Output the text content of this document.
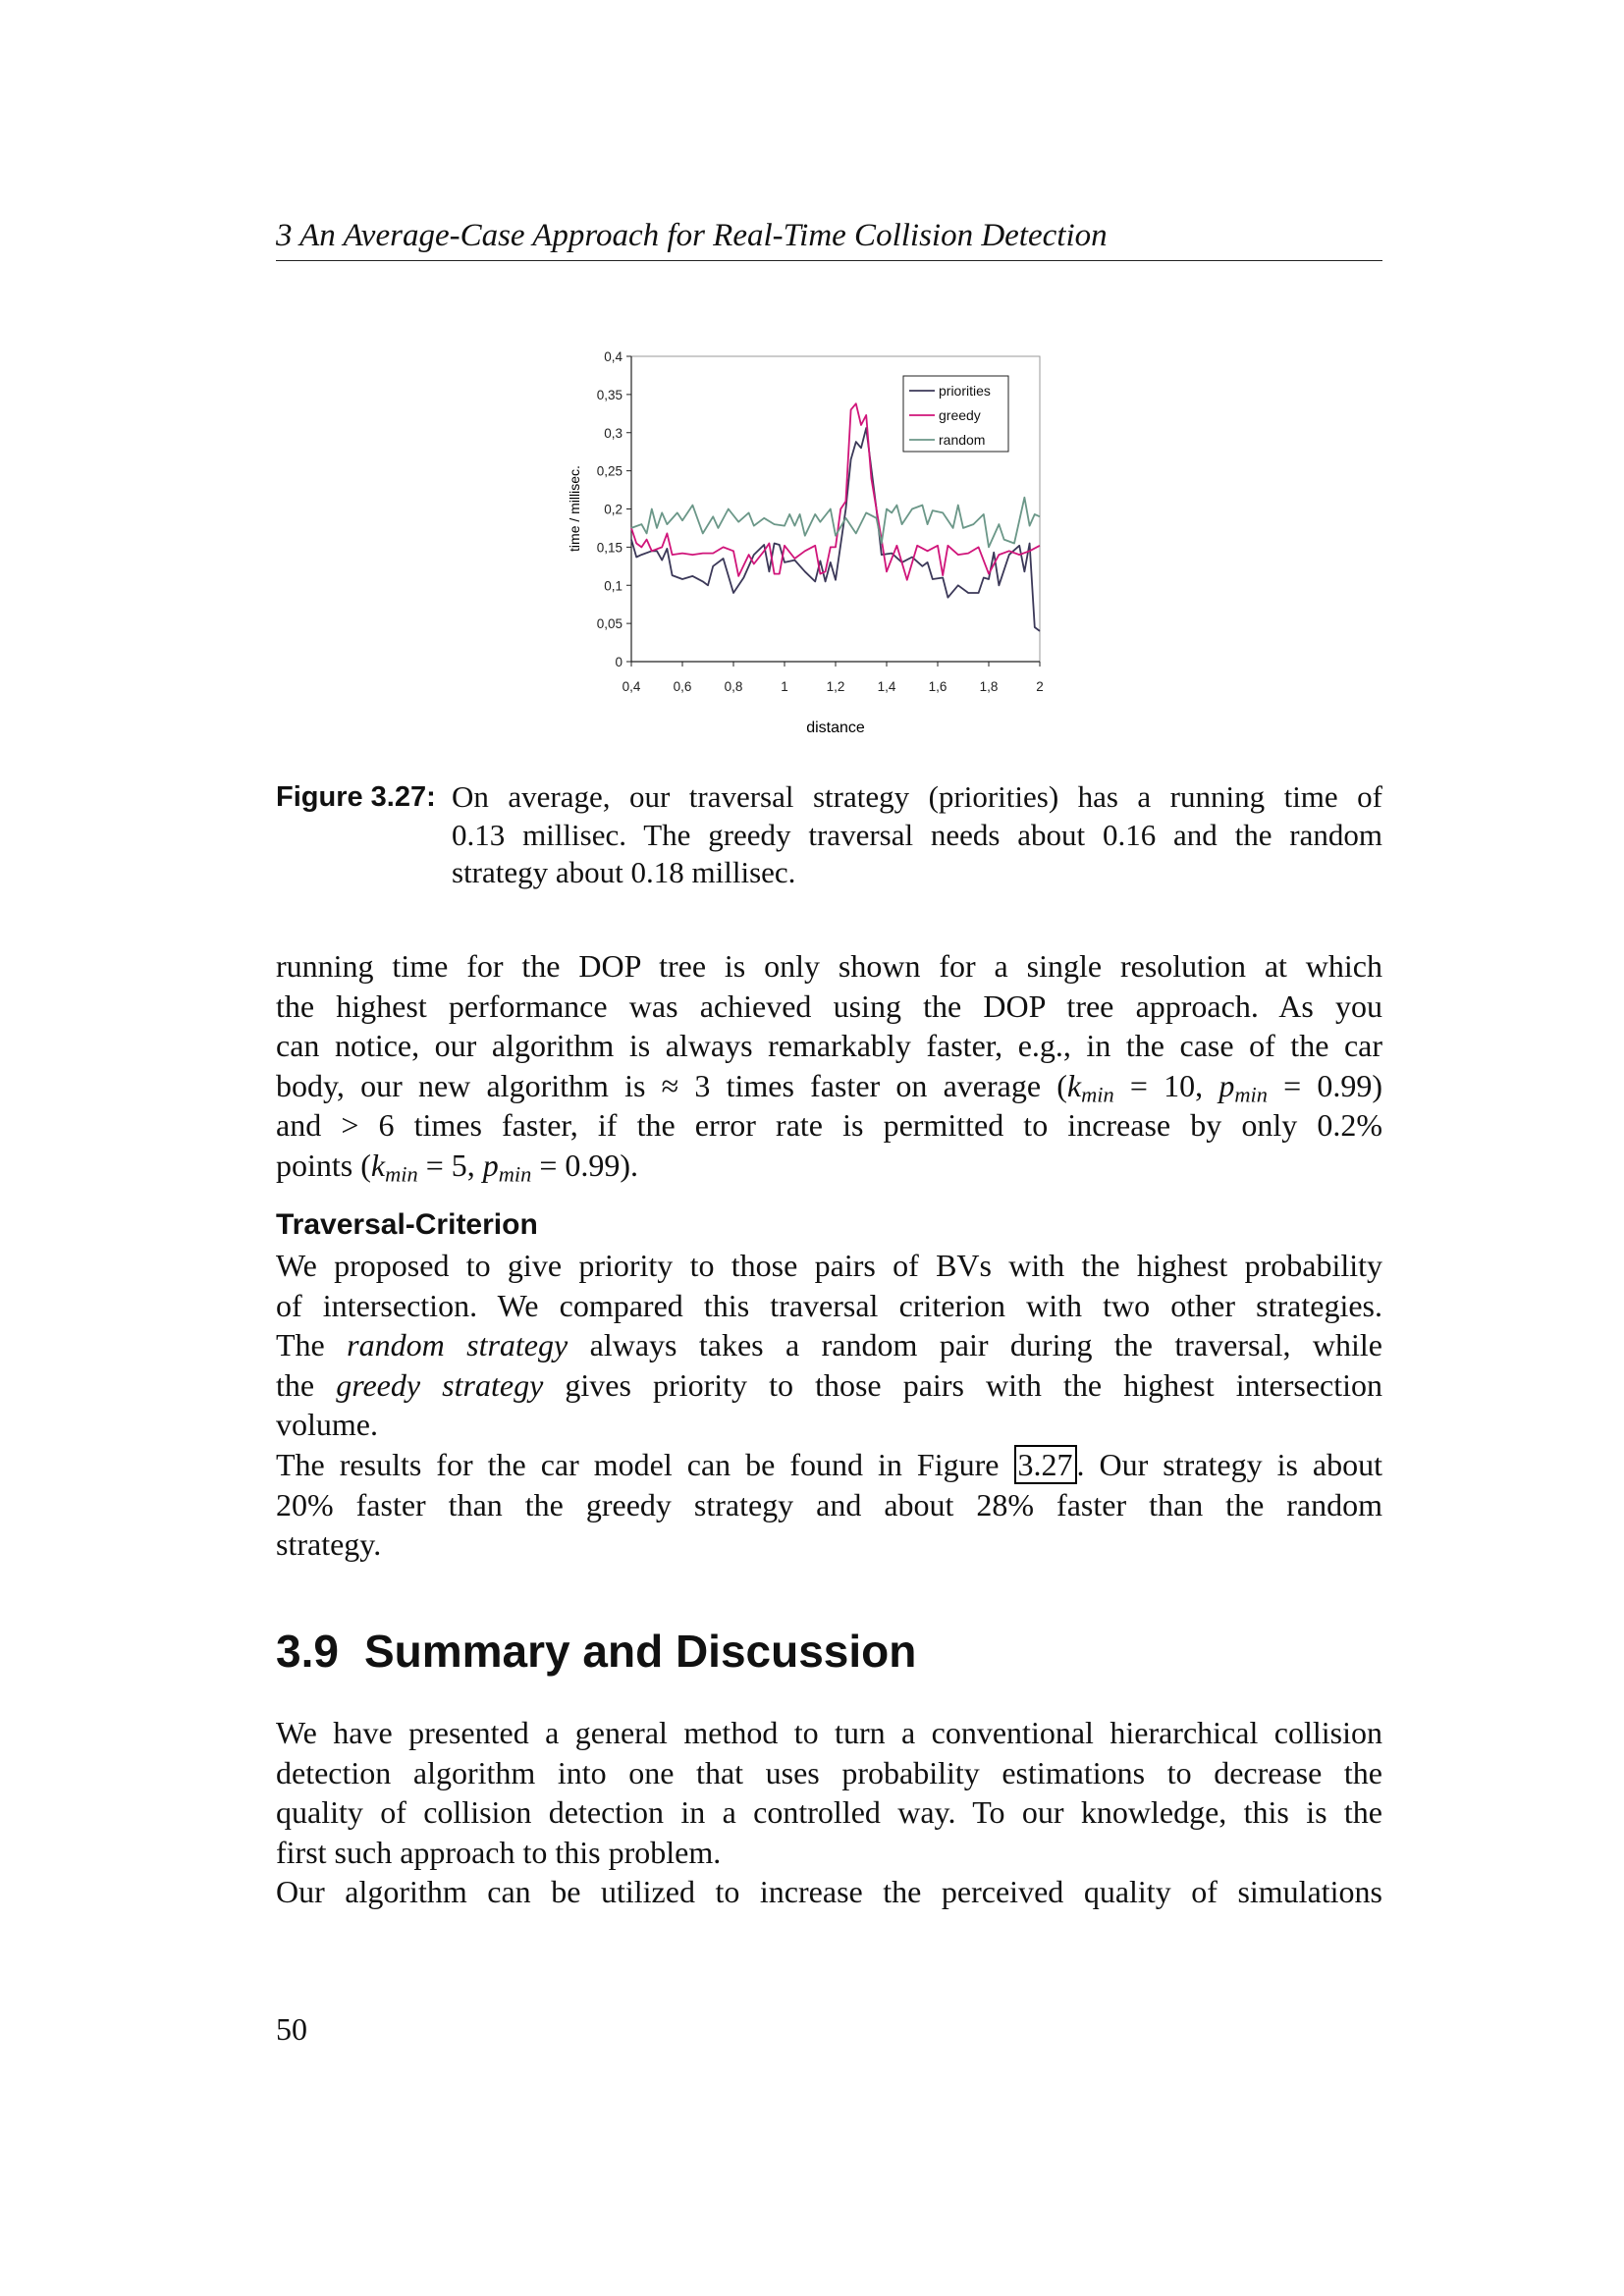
3 An Average-Case Approach for Real-Time Collision Detection
0
0,05
0,1
0,15
0,2
0,25
0,3
0,35
0,4
0,4 0,6 0,8	1	1,2 1,4 1,6 1,8	2
priorities
greedy
random
time / millisec.
distance
Figure 3.27: On average, our traversal strategy (priorities) has a running time of
0.13 millisec. The greedy traversal needs about 0.16 and the random
strategy about 0.18 millisec.
running time for the DOP tree is only shown for a single resolution at which
the highest performance was achieved using the DOP tree approach. As you
can notice, our algorithm is always remarkably faster, e.g., in the case of the car
body, our new algorithm is ≈ 3 times faster on average ($k_{min} = 10$, $p_{min} = 0.99$)
and > 6 times faster, if the error rate is permitted to increase by only 0.2%
points ($k_{min} = 5$, $p_{min} = 0.99$).
Traversal-Criterion
We proposed to give priority to those pairs of BVs with the highest probability
of intersection. We compared this traversal criterion with two other strategies.
The random strategy always takes a random pair during the traversal, while
the greedy strategy gives priority to those pairs with the highest intersection
volume.
The results for the car model can be found in Figure 3.27 . Our strategy is about
20% faster than the greedy strategy and about 28% faster than the random
strategy.
3.9 Summary and Discussion
We have presented a general method to turn a conventional hierarchical collision
detection algorithm into one that uses probability estimations to decrease the
quality of collision detection in a controlled way. To our knowledge, this is the
first such approach to this problem.
Our algorithm can be utilized to increase the perceived quality of simulations
50
